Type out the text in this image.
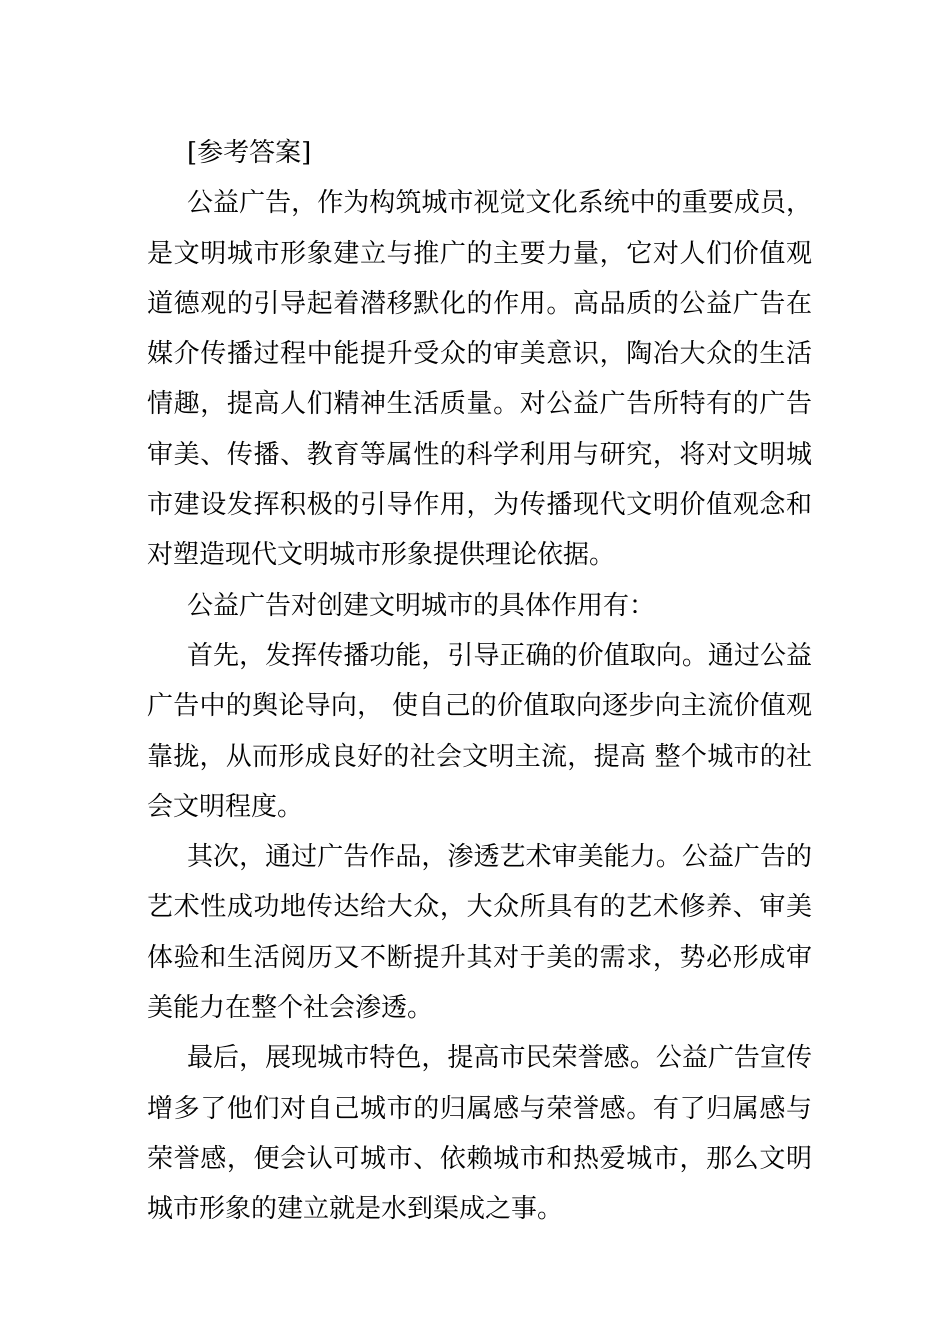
[参考答案]

公益广告，作为构筑城市视觉文化系统中的重要成员，是文明城市形象建立与推广的主要力量，它对人们价值观道德观的引导起着潜移默化的作用。高品质的公益广告在媒介传播过程中能提升受众的审美意识，陶冶大众的生活情趣，提高人们精神生活质量。对公益广告所特有的广告审美、传播、教育等属性的科学利用与研究，将对文明城市建设发挥积极的引导作用，为传播现代文明价值观念和对塑造现代文明城市形象提供理论依据。

公益广告对创建文明城市的具体作用有：

首先，发挥传播功能，引导正确的价值取向。通过公益广告中的舆论导向， 使自己的价值取向逐步向主流价值观靠拢，从而形成良好的社会文明主流，提高 整个城市的社会文明程度。

其次，通过广告作品，渗透艺术审美能力。公益广告的艺术性成功地传达给大众，大众所具有的艺术修养、审美体验和生活阅历又不断提升其对于美的需求，势必形成审美能力在整个社会渗透。

最后，展现城市特色，提高市民荣誉感。公益广告宣传增多了他们对自己城市的归属感与荣誉感。有了归属感与荣誉感，便会认可城市、依赖城市和热爱城市，那么文明城市形象的建立就是水到渠成之事。
